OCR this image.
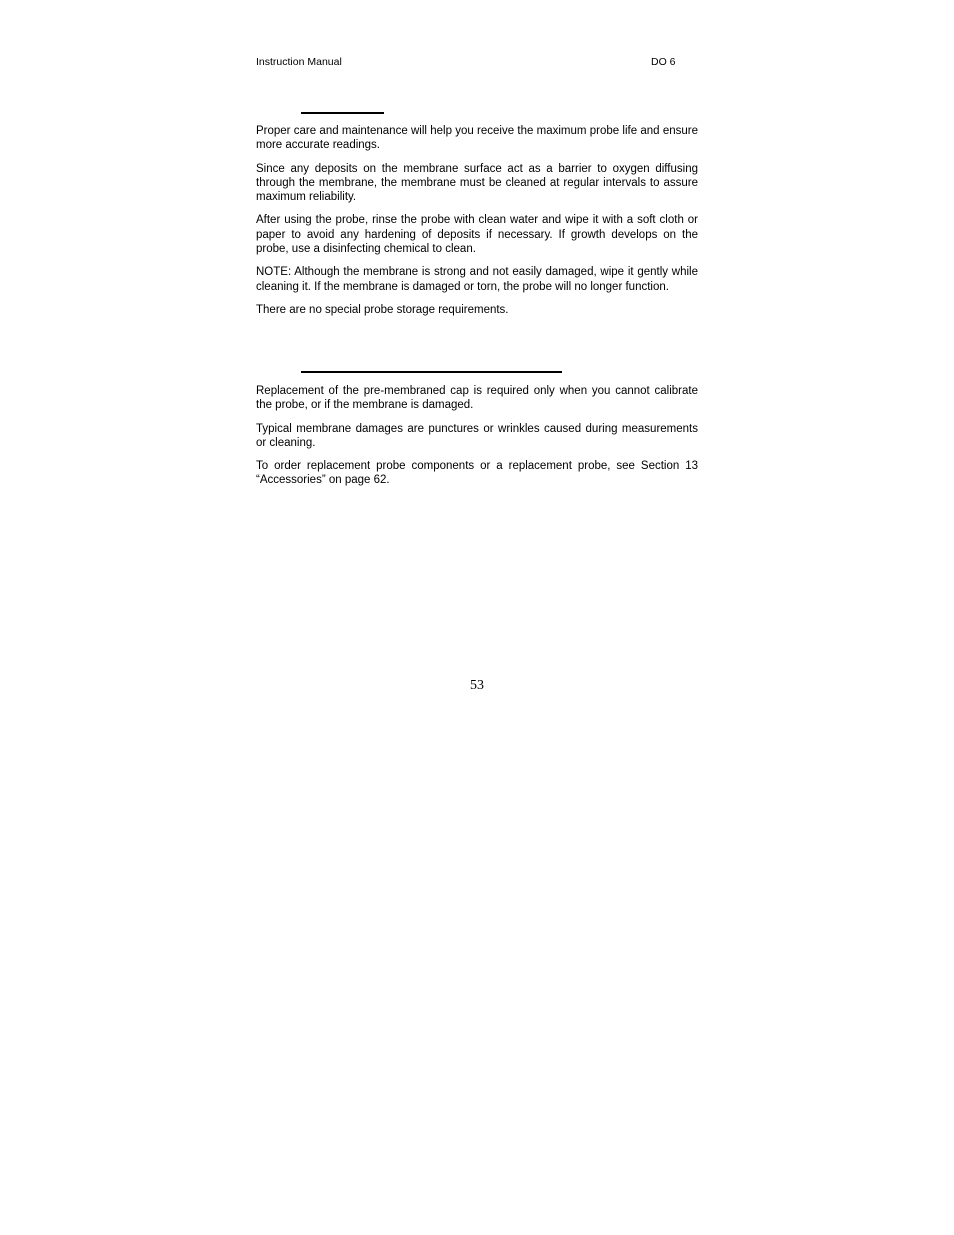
Instruction Manual	DO 6

Proper care and maintenance will help you receive the maximum probe life and ensure more accurate readings.

Since any deposits on the membrane surface act as a barrier to oxygen diffusing through the membrane, the membrane must be cleaned at regular intervals to assure maximum reliability.

After using the probe, rinse the probe with clean water and wipe it with a soft cloth or paper to avoid any hardening of deposits if necessary. If growth develops on the probe, use a disinfecting chemical to clean.

NOTE: Although the membrane is strong and not easily damaged, wipe it gently while cleaning it. If the membrane is damaged or torn, the probe will no longer function.

There are no special probe storage requirements.

Replacement of the pre-membraned cap is required only when you cannot calibrate the probe, or if the membrane is damaged.

Typical membrane damages are punctures or wrinkles caused during measurements or cleaning.

To order replacement probe components or a replacement probe, see Section 13 “Accessories” on page 62.

53
